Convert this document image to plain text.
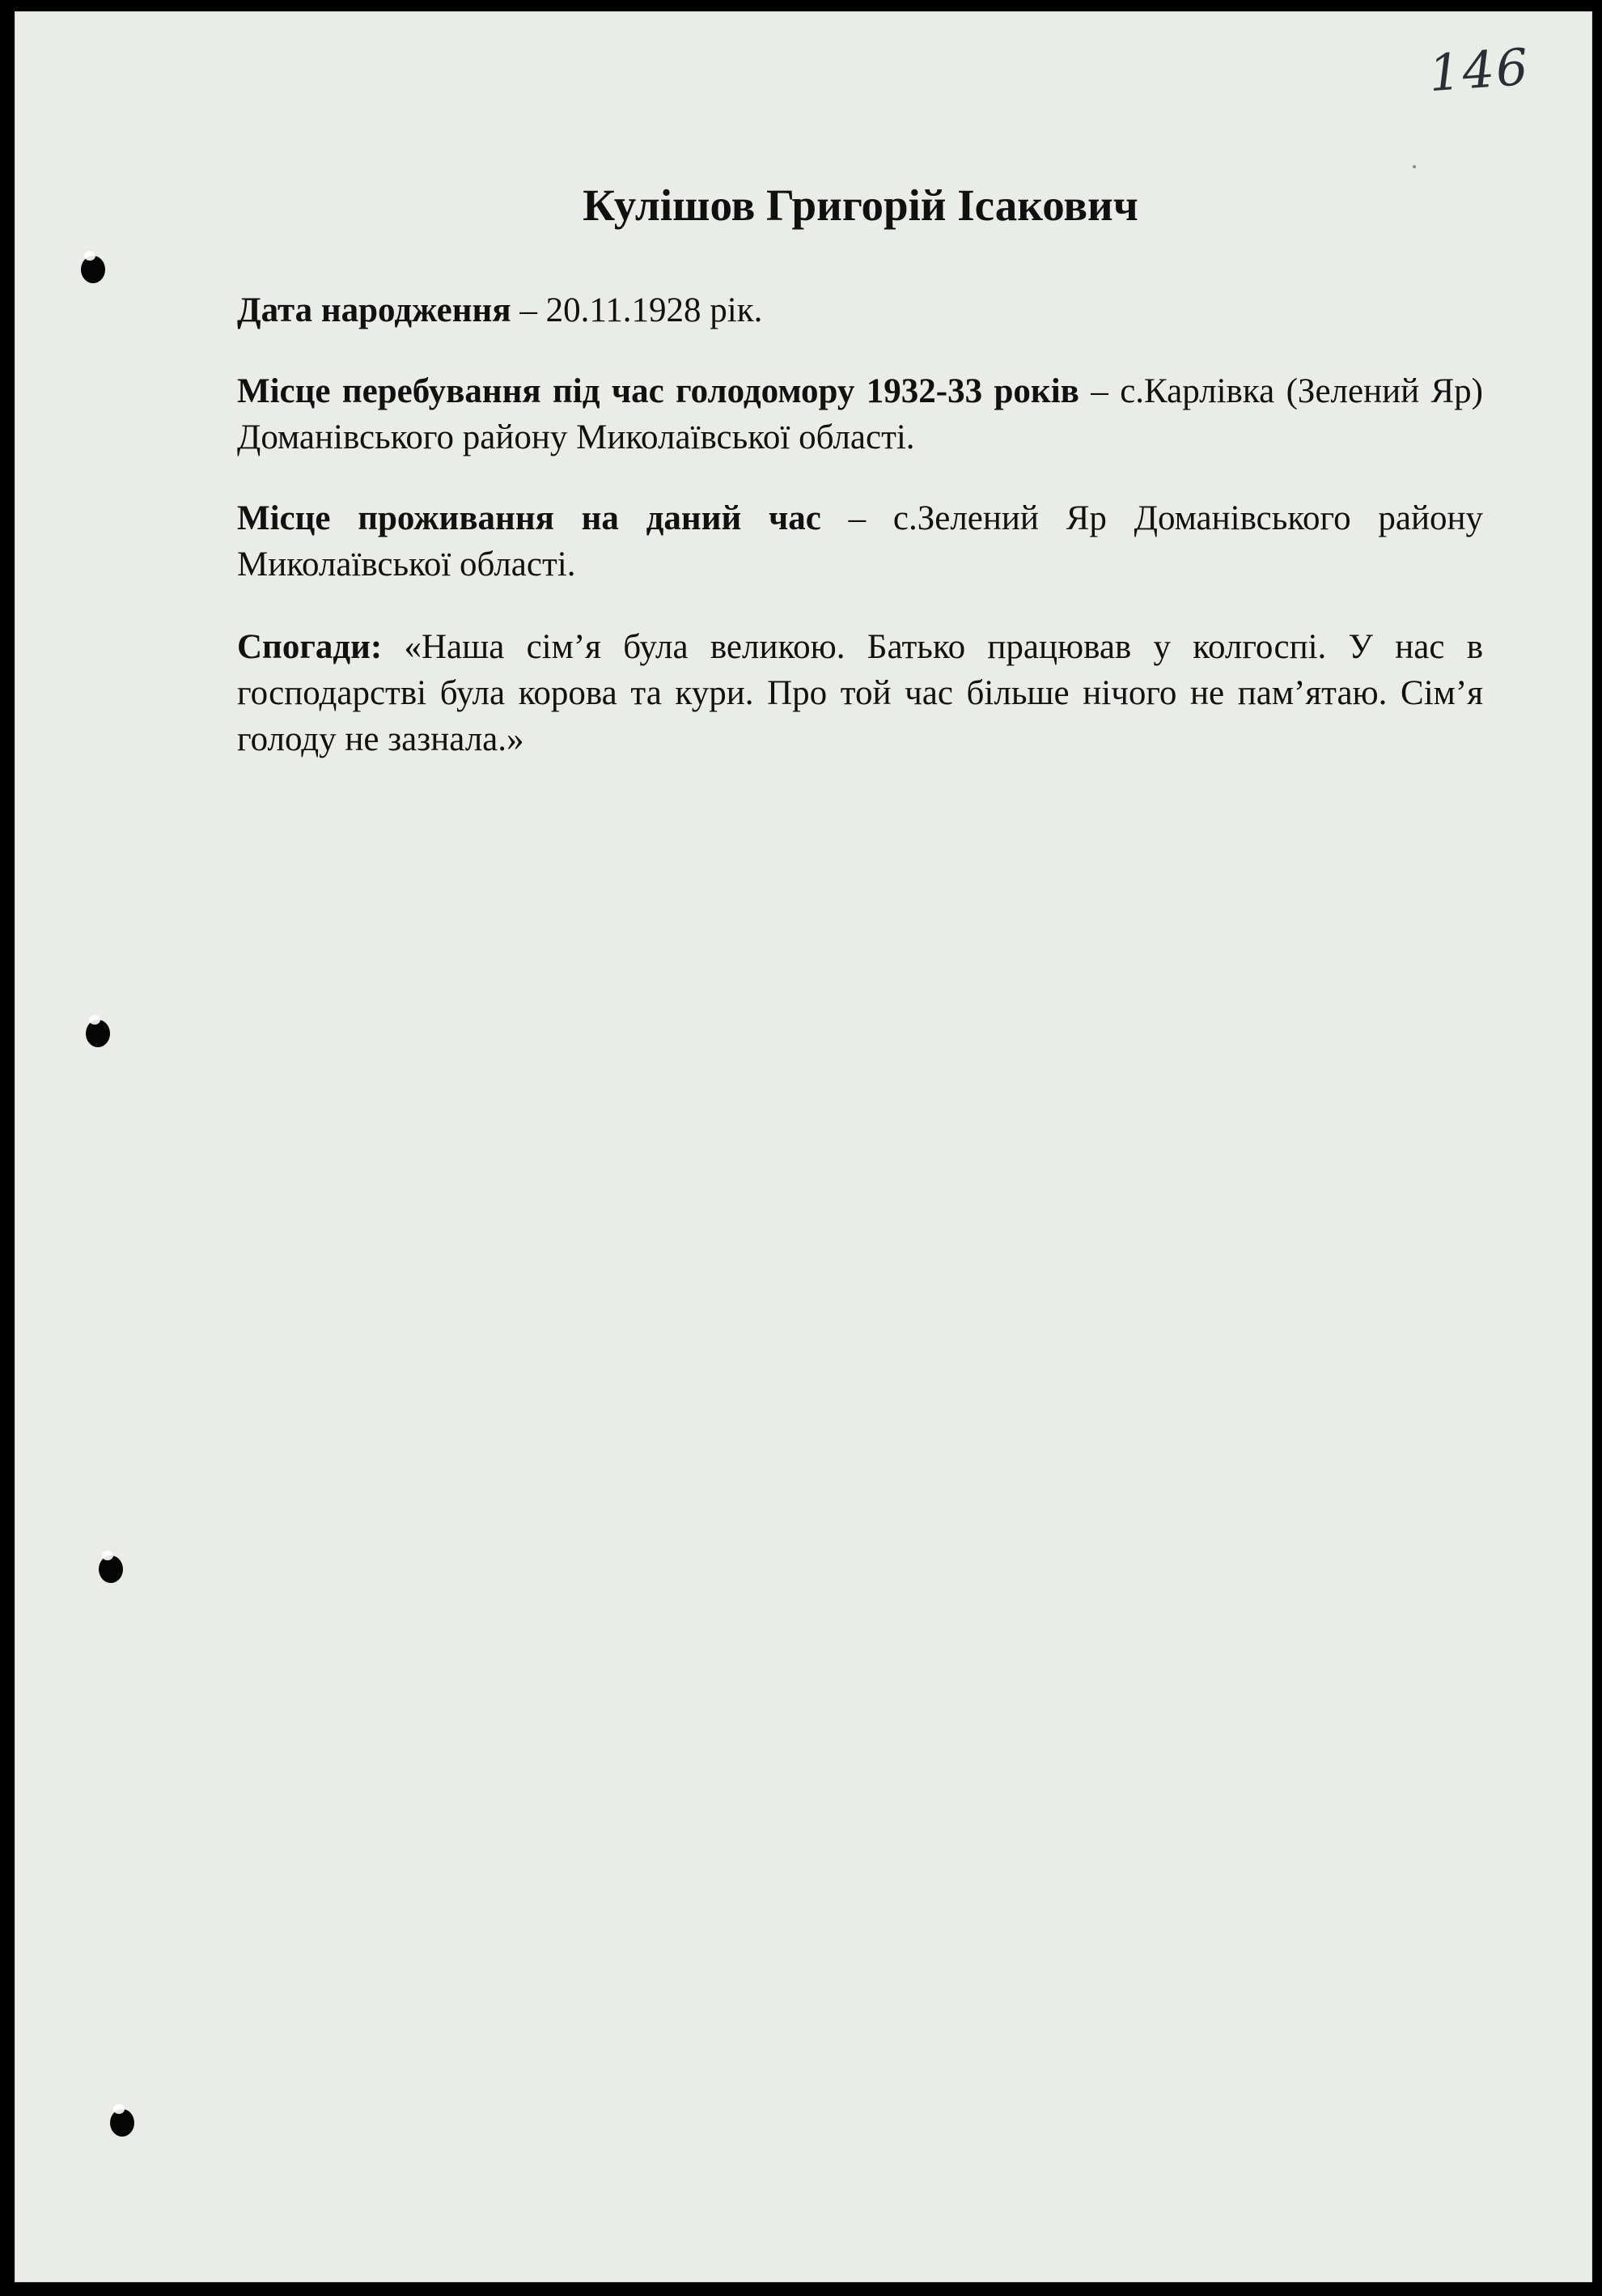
146
Кулішов Григорій Ісакович
Дата народження – 20.11.1928 рік.
Місце перебування під час голодомору 1932-33 років – с.Карлівка (Зелений Яр) Доманівського району Миколаївської області.
Місце проживання на даний час – с.Зелений Яр Доманівського району Миколаївської області.
Спогади: «Наша сім’я була великою. Батько працював у колгоспі. У нас в господарстві була корова та кури. Про той час більше нічого не пам’ятаю. Сім’я голоду не зазнала.»
